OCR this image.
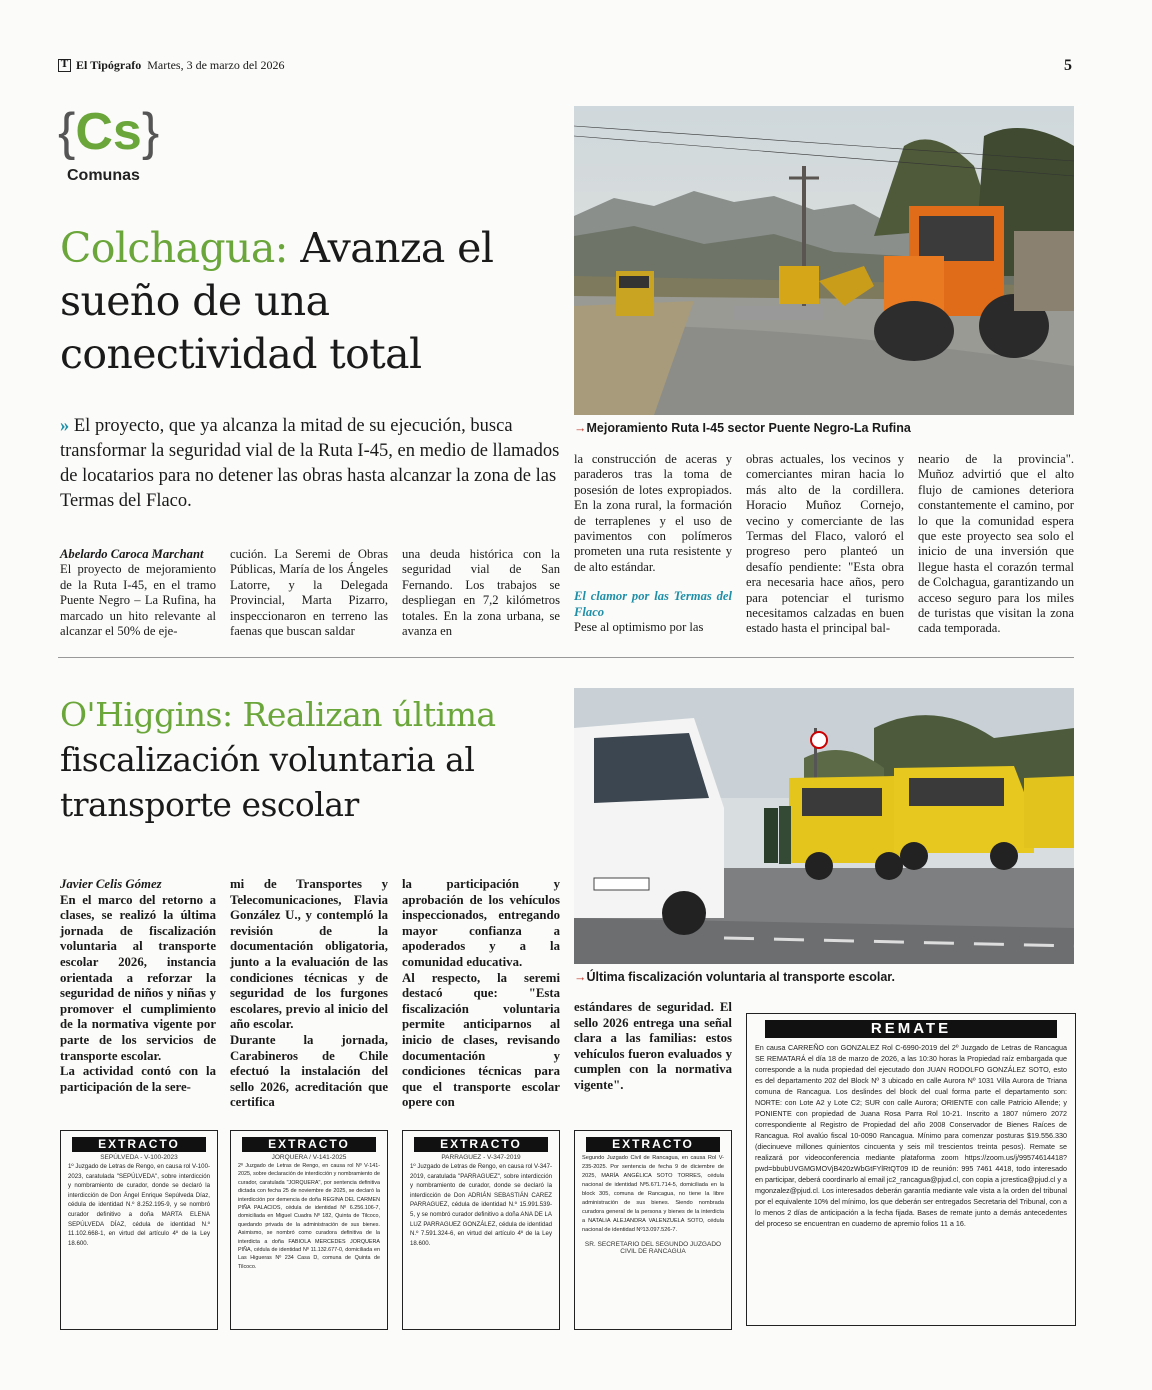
T El Tipógrafo Martes, 3 de marzo del 2026	5
{Cs}
Comunas
Colchagua: Avanza el sueño de una conectividad total
» El proyecto, que ya alcanza la mitad de su ejecución, busca transformar la seguridad vial de la Ruta I-45, en medio de llamados de locatarios para no detener las obras hasta alcanzar la zona de las Termas del Flaco.
→Mejoramiento Ruta I-45 sector Puente Negro-La Rufina

Abelardo Caroca Marchant

El proyecto de mejoramiento de la Ruta I-45, en el tramo Puente Negro – La Rufina, ha marcado un hito relevante al alcanzar el 50% de eje-

cución. La Seremi de Obras Públicas, María de los Ángeles Latorre, y la Delegada Provincial, Marta Pizarro, inspeccionaron en terreno las faenas que buscan saldar

una deuda histórica con la seguridad vial de San Fernando. Los trabajos se despliegan en 7,2 kilómetros totales. En la zona urbana, se avanza en

la construcción de aceras y paraderos tras la toma de posesión de lotes expropiados. En la zona rural, la formación de terraplenes y el uso de pavimentos con polímeros prometen una ruta resistente y de alto estándar.

El clamor por las Termas del Flaco

Pese al optimismo por las

obras actuales, los vecinos y comerciantes miran hacia lo más alto de la cordillera. Horacio Muñoz Cornejo, vecino y comerciante de las Termas del Flaco, valoró el progreso pero planteó un desafío pendiente: "Esta obra era necesaria hace años, pero para potenciar el turismo necesitamos calzadas en buen estado hasta el principal bal-

neario de la provincia". Muñoz advirtió que el alto flujo de camiones deteriora constantemente el camino, por lo que la comunidad espera que este proyecto sea solo el inicio de una inversión que llegue hasta el corazón termal de Colchagua, garantizando un acceso seguro para los miles de turistas que visitan la zona cada temporada.

O'Higgins: Realizan última fiscalización voluntaria al transporte escolar
→Última fiscalización voluntaria al transporte escolar.

Javier Celis Gómez

En el marco del retorno a clases, se realizó la última jornada de fiscalización voluntaria al transporte escolar 2026, instancia orientada a reforzar la seguridad de niños y niñas y promover el cumplimiento de la normativa vigente por parte de los servicios de transporte escolar.

La actividad contó con la participación de la sere-

mi de Transportes y Telecomunicaciones, Flavia González U., y contempló la revisión de la documentación obligatoria, junto a la evaluación de las condiciones técnicas y de seguridad de los furgones escolares, previo al inicio del año escolar.

Durante la jornada, Carabineros de Chile efectuó la instalación del sello 2026, acreditación que certifica

la participación y aprobación de los vehículos inspeccionados, entregando mayor confianza a apoderados y a la comunidad educativa.

Al respecto, la seremi destacó que: "Esta fiscalización voluntaria permite anticiparnos al inicio de clases, revisando documentación y condiciones técnicas para que el transporte escolar opere con

estándares de seguridad. El sello 2026 entrega una señal clara a las familias: estos vehículos fueron evaluados y cumplen con la normativa vigente".

REMATE
En causa CARREÑO con GONZALEZ Rol C-6990-2019 del 2º Juzgado de Letras de Rancagua SE REMATARÁ el día 18 de marzo de 2026, a las 10:30 horas la Propiedad raíz embargada que corresponde a la nuda propiedad del ejecutado don JUAN RODOLFO GONZÁLEZ SOTO, esto es del departamento 202 del Block Nº 3 ubicado en calle Aurora Nº 1031 Villa Aurora de Triana comuna de Rancagua. Los deslindes del block del cual forma parte el departamento son: NORTE: con Lote A2 y Lote C2; SUR con calle Aurora; ORIENTE con calle Patricio Allende; y PONIENTE con propiedad de Juana Rosa Parra Rol 10-21. Inscrito a 1807 número 2072 correspondiente al Registro de Propiedad del año 2008 Conservador de Bienes Raíces de Rancagua. Rol avalúo fiscal 10-0090 Rancagua. Mínimo para comenzar posturas $19.556.330 (diecinueve millones quinientos cincuenta y seis mil trescientos treinta pesos). Remate se realizará por videoconferencia mediante plataforma zoom https://zoom.us/j/99574614418?pwd=bbubUVGMGMOVjB420zWbGtFYlRtQT09 ID de reunión: 995 7461 4418, todo interesado en participar, deberá coordinarlo al email jc2_rancagua@pjud.cl, con copia a jcrestica@pjud.cl y a mgonzalez@pjud.cl. Los interesados deberán garantía mediante vale vista a la orden del tribunal por el equivalente 10% del mínimo, los que deberán ser entregados Secretaria del Tribunal, con a lo menos 2 días de anticipación a la fecha fijada. Bases de remate junto a demás antecedentes del proceso se encuentran en cuaderno de apremio folios 11 a 16.
EXTRACTO
SEPÚLVEDA - V-100-2023
1º Juzgado de Letras de Rengo, en causa rol V-100-2023, caratulada "SEPÚLVEDA", sobre interdicción y nombramiento de curador, donde se declaró la interdicción de Don Ángel Enrique Sepúlveda Díaz, cédula de identidad N.º 8.252.195-9, y se nombró curador definitivo a doña MARTA ELENA SEPÚLVEDA DÍAZ, cédula de identidad N.º 11.102.668-1, en virtud del artículo 4º de la Ley 18.600.
EXTRACTO
JORQUERA / V-141-2025
2º Juzgado de Letras de Rengo, en causa rol Nº V-141-2025, sobre declaración de interdicción y nombramiento de curador, caratulada "JORQUERA", por sentencia definitiva dictada con fecha 25 de noviembre de 2025, se declaró la interdicción por demencia de doña REGINA DEL CARMEN PIÑA PALACIOS, cédula de identidad Nº 6.256.106-7, domiciliada en Miguel Cuadra Nº 182, Quinta de Tilcoco, quedando privada de la administración de sus bienes. Asimismo, se nombró como curadora definitiva de la interdicta a doña FABIOLA MERCEDES JORQUERA PIÑA, cédula de identidad Nº 11.132.677-0, domiciliada en Las Higueras Nº 234 Casa D, comuna de Quinta de Tilcoco.
EXTRACTO
PARRAGUEZ - V-347-2019
1º Juzgado de Letras de Rengo, en causa rol V-347-2019, caratulada "PARRAGUEZ", sobre interdicción y nombramiento de curador, donde se declaró la interdicción de Don ADRIÁN SEBASTIÁN CAREZ PARRAGUEZ, cédula de identidad N.º 15.991.539-5, y se nombró curador definitivo a doña ANA DE LA LUZ PARRAGUEZ GONZÁLEZ, cédula de identidad N.º 7.591.324-6, en virtud del artículo 4º de la Ley 18.600.
EXTRACTO
Segundo Juzgado Civil de Rancagua, en causa Rol V-235-2025. Por sentencia de fecha 9 de diciembre de 2025, MARÍA ANGÉLICA SOTO TORRES, cédula nacional de identidad Nº5.671.714-5, domiciliada en la block 305, comuna de Rancagua, no tiene la libre administración de sus bienes. Siendo nombrada curadora general de la persona y bienes de la interdicta a NATALIA ALEJANDRA VALENZUELA SOTO, cédula nacional de identidad Nº13.097.526-7.
SR. SECRETARIO DEL SEGUNDO JUZGADO CIVIL DE RANCAGUA
